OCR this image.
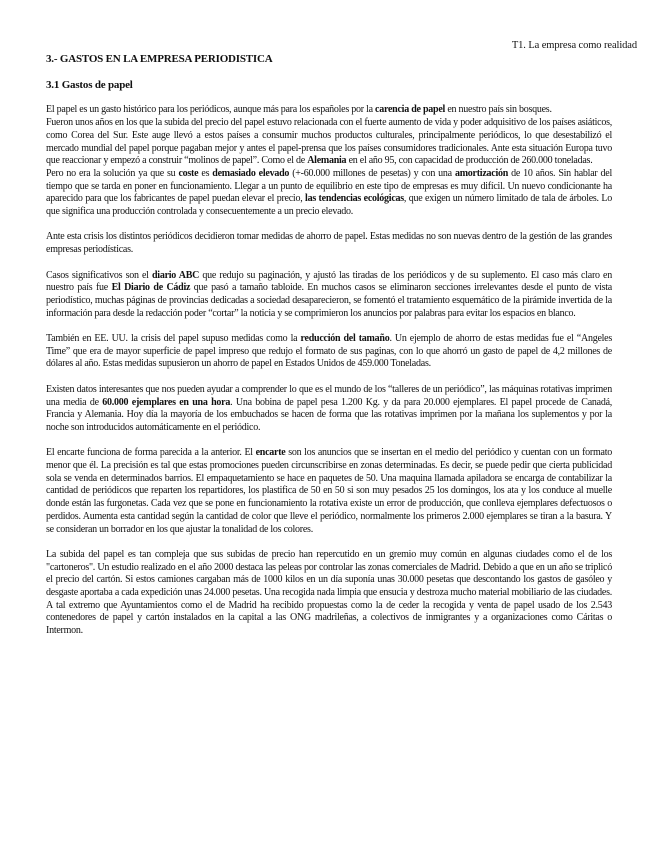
T1. La empresa como realidad

3.- GASTOS EN LA EMPRESA PERIODISTICA

3.1 Gastos de papel

El papel es un gasto histórico para los periódicos, aunque más para los españoles por la carencia de papel en nuestro país sin bosques.

Fueron unos años en los que la subida del precio del papel estuvo relacionada con el fuerte aumento de vida y poder adquisitivo de los países asiáticos, como Corea del Sur. Este auge llevó a estos países a consumir muchos productos culturales, principalmente periódicos, lo que desestabilizó el mercado mundial del papel porque pagaban mejor y antes el papel-prensa que los países consumidores tradicionales. Ante esta situación Europa tuvo que reaccionar y empezó a construir “molinos de papel”. Como el de Alemania en el año 95, con capacidad de producción de 260.000 toneladas.

Pero no era la solución ya que su coste es demasiado elevado (+-60.000 millones de pesetas) y con una amortización de 10 años. Sin hablar del tiempo que se tarda en poner en funcionamiento. Llegar a un punto de equilibrio en este tipo de empresas es muy difícil. Un nuevo condicionante ha aparecido para que los fabricantes de papel puedan elevar el precio, las tendencias ecológicas, que exigen un número limitado de tala de árboles. Lo que significa una producción controlada y consecuentemente a un precio elevado.

Ante esta crisis los distintos periódicos decidieron tomar medidas de ahorro de papel. Estas medidas no son nuevas dentro de la gestión de las grandes empresas periodísticas.

Casos significativos son el diario ABC que redujo su paginación, y ajustó las tiradas de los periódicos y de su suplemento. El caso más claro en nuestro país fue El Diario de Cádiz que pasó a tamaño tabloide. En muchos casos se eliminaron secciones irrelevantes desde el punto de vista periodístico, muchas páginas de provincias dedicadas a sociedad desaparecieron, se fomentó el tratamiento esquemático de la pirámide invertida de la información para desde la redacción poder “cortar” la noticia y se comprimieron los anuncios por palabras para evitar los espacios en blanco.

También en EE. UU. la crisis del papel supuso medidas como la reducción del tamaño. Un ejemplo de ahorro de estas medidas fue el “Angeles Time” que era de mayor superficie de papel impreso que redujo el formato de sus paginas, con lo que ahorró un gasto de papel de 4,2 millones de dólares al año. Estas medidas supusieron un ahorro de papel en Estados Unidos de 459.000 Toneladas.

Existen datos interesantes que nos pueden ayudar a comprender lo que es el mundo de los “talleres de un periódico”, las máquinas rotativas imprimen una media de 60.000 ejemplares en una hora. Una bobina de papel pesa 1.200 Kg. y da para 20.000 ejemplares. El papel procede de Canadá, Francia y Alemania. Hoy día la mayoría de los embuchados se hacen de forma que las rotativas imprimen por la mañana los suplementos y por la noche son introducidos automáticamente en el periódico.

El encarte funciona de forma parecida a la anterior. El encarte son los anuncios que se insertan en el medio del periódico y cuentan con un formato menor que él. La precisión es tal que estas promociones pueden circunscribirse en zonas determinadas. Es decir, se puede pedir que cierta publicidad sola se venda en determinados barrios. El empaquetamiento se hace en paquetes de 50. Una maquina llamada apiladora se encarga de contabilizar la cantidad de periódicos que reparten los repartidores, los plastifica de 50 en 50 si son muy pesados 25 los domingos, los ata y los conduce al muelle donde están las furgonetas. Cada vez que se pone en funcionamiento la rotativa existe un error de producción, que conlleva ejemplares defectuosos o perdidos. Aumenta esta cantidad según la cantidad de color que lleve el periódico, normalmente los primeros 2.000 ejemplares se tiran a la basura. Y se consideran un borrador en los que ajustar la tonalidad de los colores.

La subida del papel es tan compleja que sus subidas de precio han repercutido en un gremio muy común en algunas ciudades como el de los "cartoneros". Un estudio realizado en el año 2000 destaca las peleas por controlar las zonas comerciales de Madrid. Debido a que en un año se triplicó el precio del cartón. Si estos camiones cargaban más de 1000 kilos en un día suponía unas 30.000 pesetas que descontando los gastos de gasóleo y desgaste aportaba a cada expedición unas 24.000 pesetas. Una recogida nada limpia que ensucia y destroza mucho material mobiliario de las ciudades. A tal extremo que Ayuntamientos como el de Madrid ha recibido propuestas como la de ceder la recogida y venta de papel usado de los 2.543 contenedores de papel y cartón instalados en la capital a las ONG madrileñas, a colectivos de inmigrantes y a organizaciones como Cáritas o Intermon.
